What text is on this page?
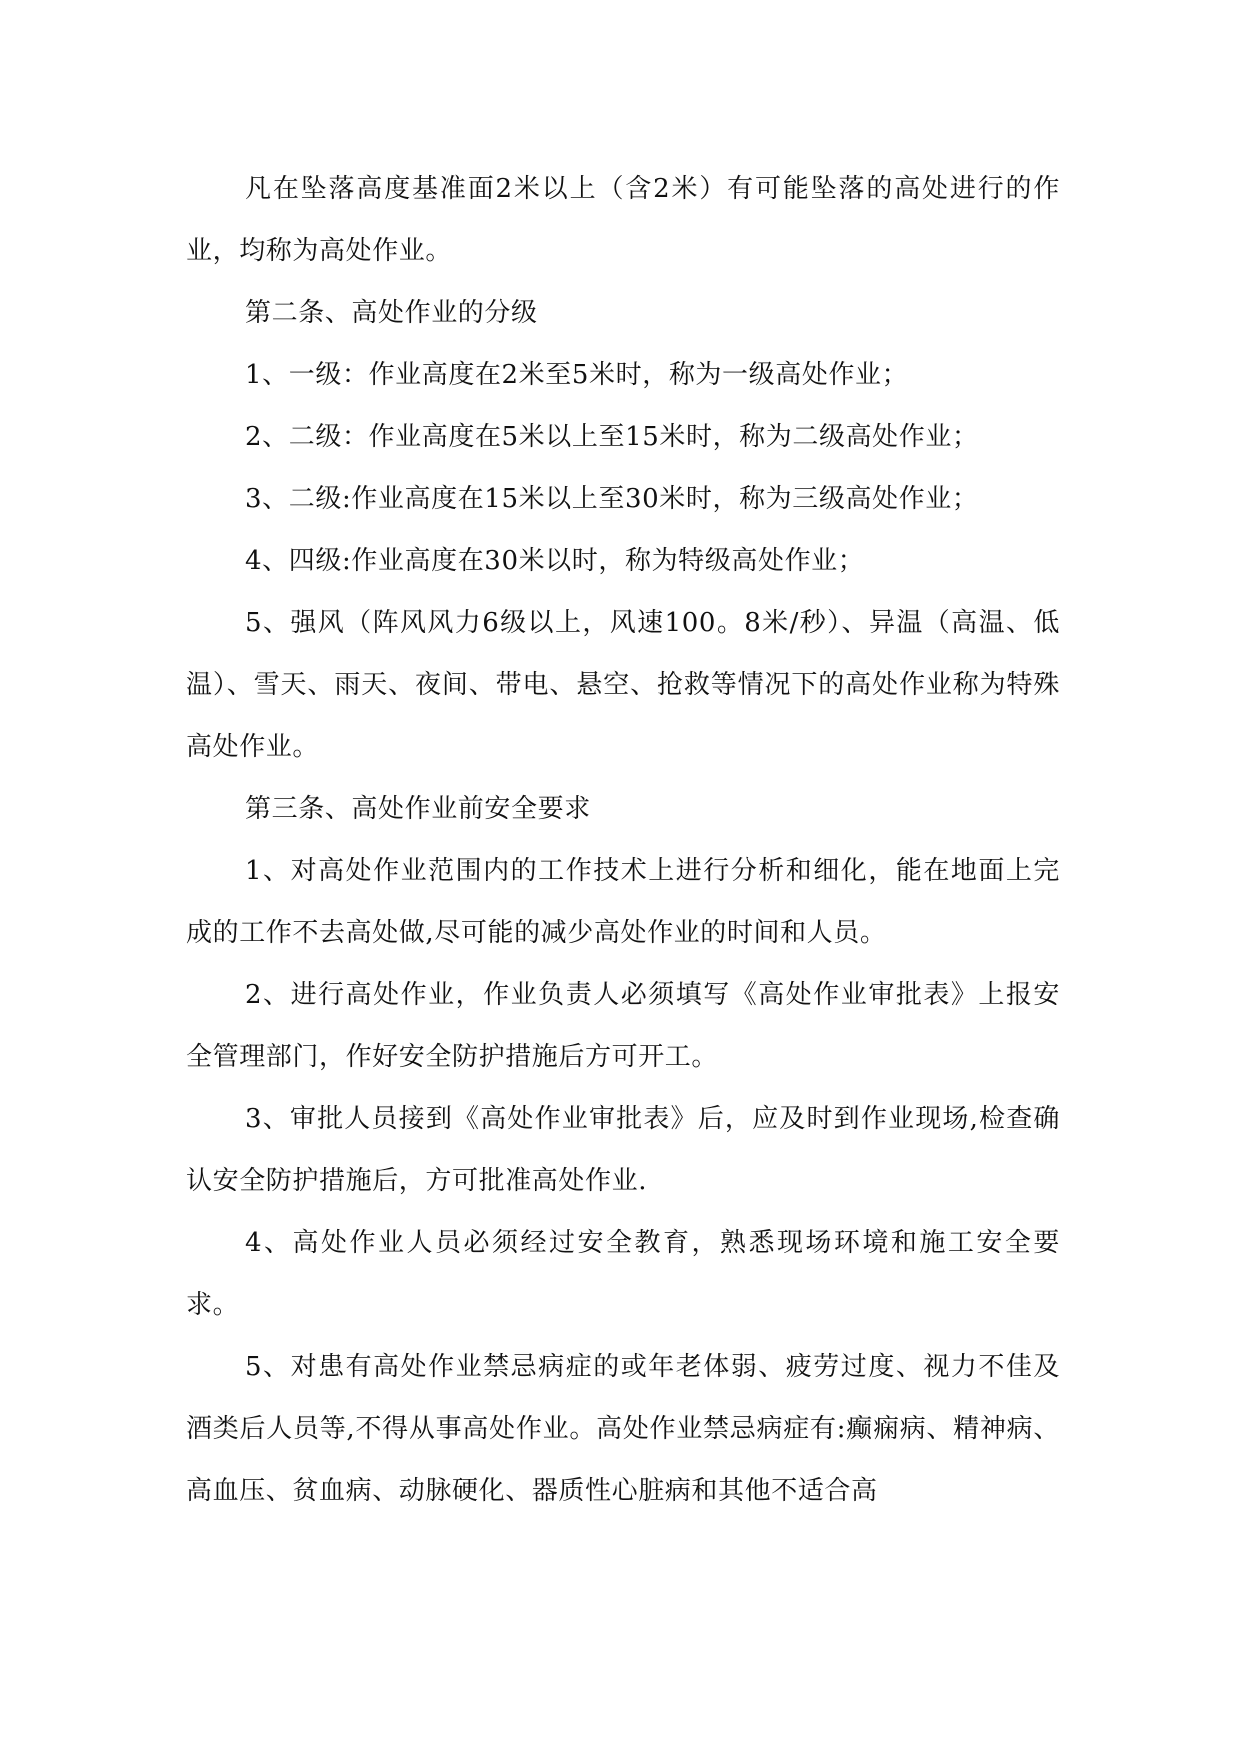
凡在坠落高度基准面2米以上（含2米）有可能坠落的高处进行的作业，均称为高处作业。

第二条、高处作业的分级

1、一级：作业高度在2米至5米时，称为一级高处作业；

2、二级：作业高度在5米以上至15米时，称为二级高处作业；

3、二级:作业高度在15米以上至30米时，称为三级高处作业；

4、四级:作业高度在30米以时，称为特级高处作业；

5、强风（阵风风力6级以上，风速100。8米/秒）、异温（高温、低温）、雪天、雨天、夜间、带电、悬空、抢救等情况下的高处作业称为特殊高处作业。

第三条、高处作业前安全要求

1、对高处作业范围内的工作技术上进行分析和细化，能在地面上完成的工作不去高处做,尽可能的减少高处作业的时间和人员。

2、进行高处作业，作业负责人必须填写《高处作业审批表》上报安全管理部门，作好安全防护措施后方可开工。

3、审批人员接到《高处作业审批表》后，应及时到作业现场,检查确认安全防护措施后，方可批准高处作业.

4、高处作业人员必须经过安全教育，熟悉现场环境和施工安全要求。

5、对患有高处作业禁忌病症的或年老体弱、疲劳过度、视力不佳及酒类后人员等,不得从事高处作业。高处作业禁忌病症有:癫痫病、精神病、高血压、贫血病、动脉硬化、器质性心脏病和其他不适合高
